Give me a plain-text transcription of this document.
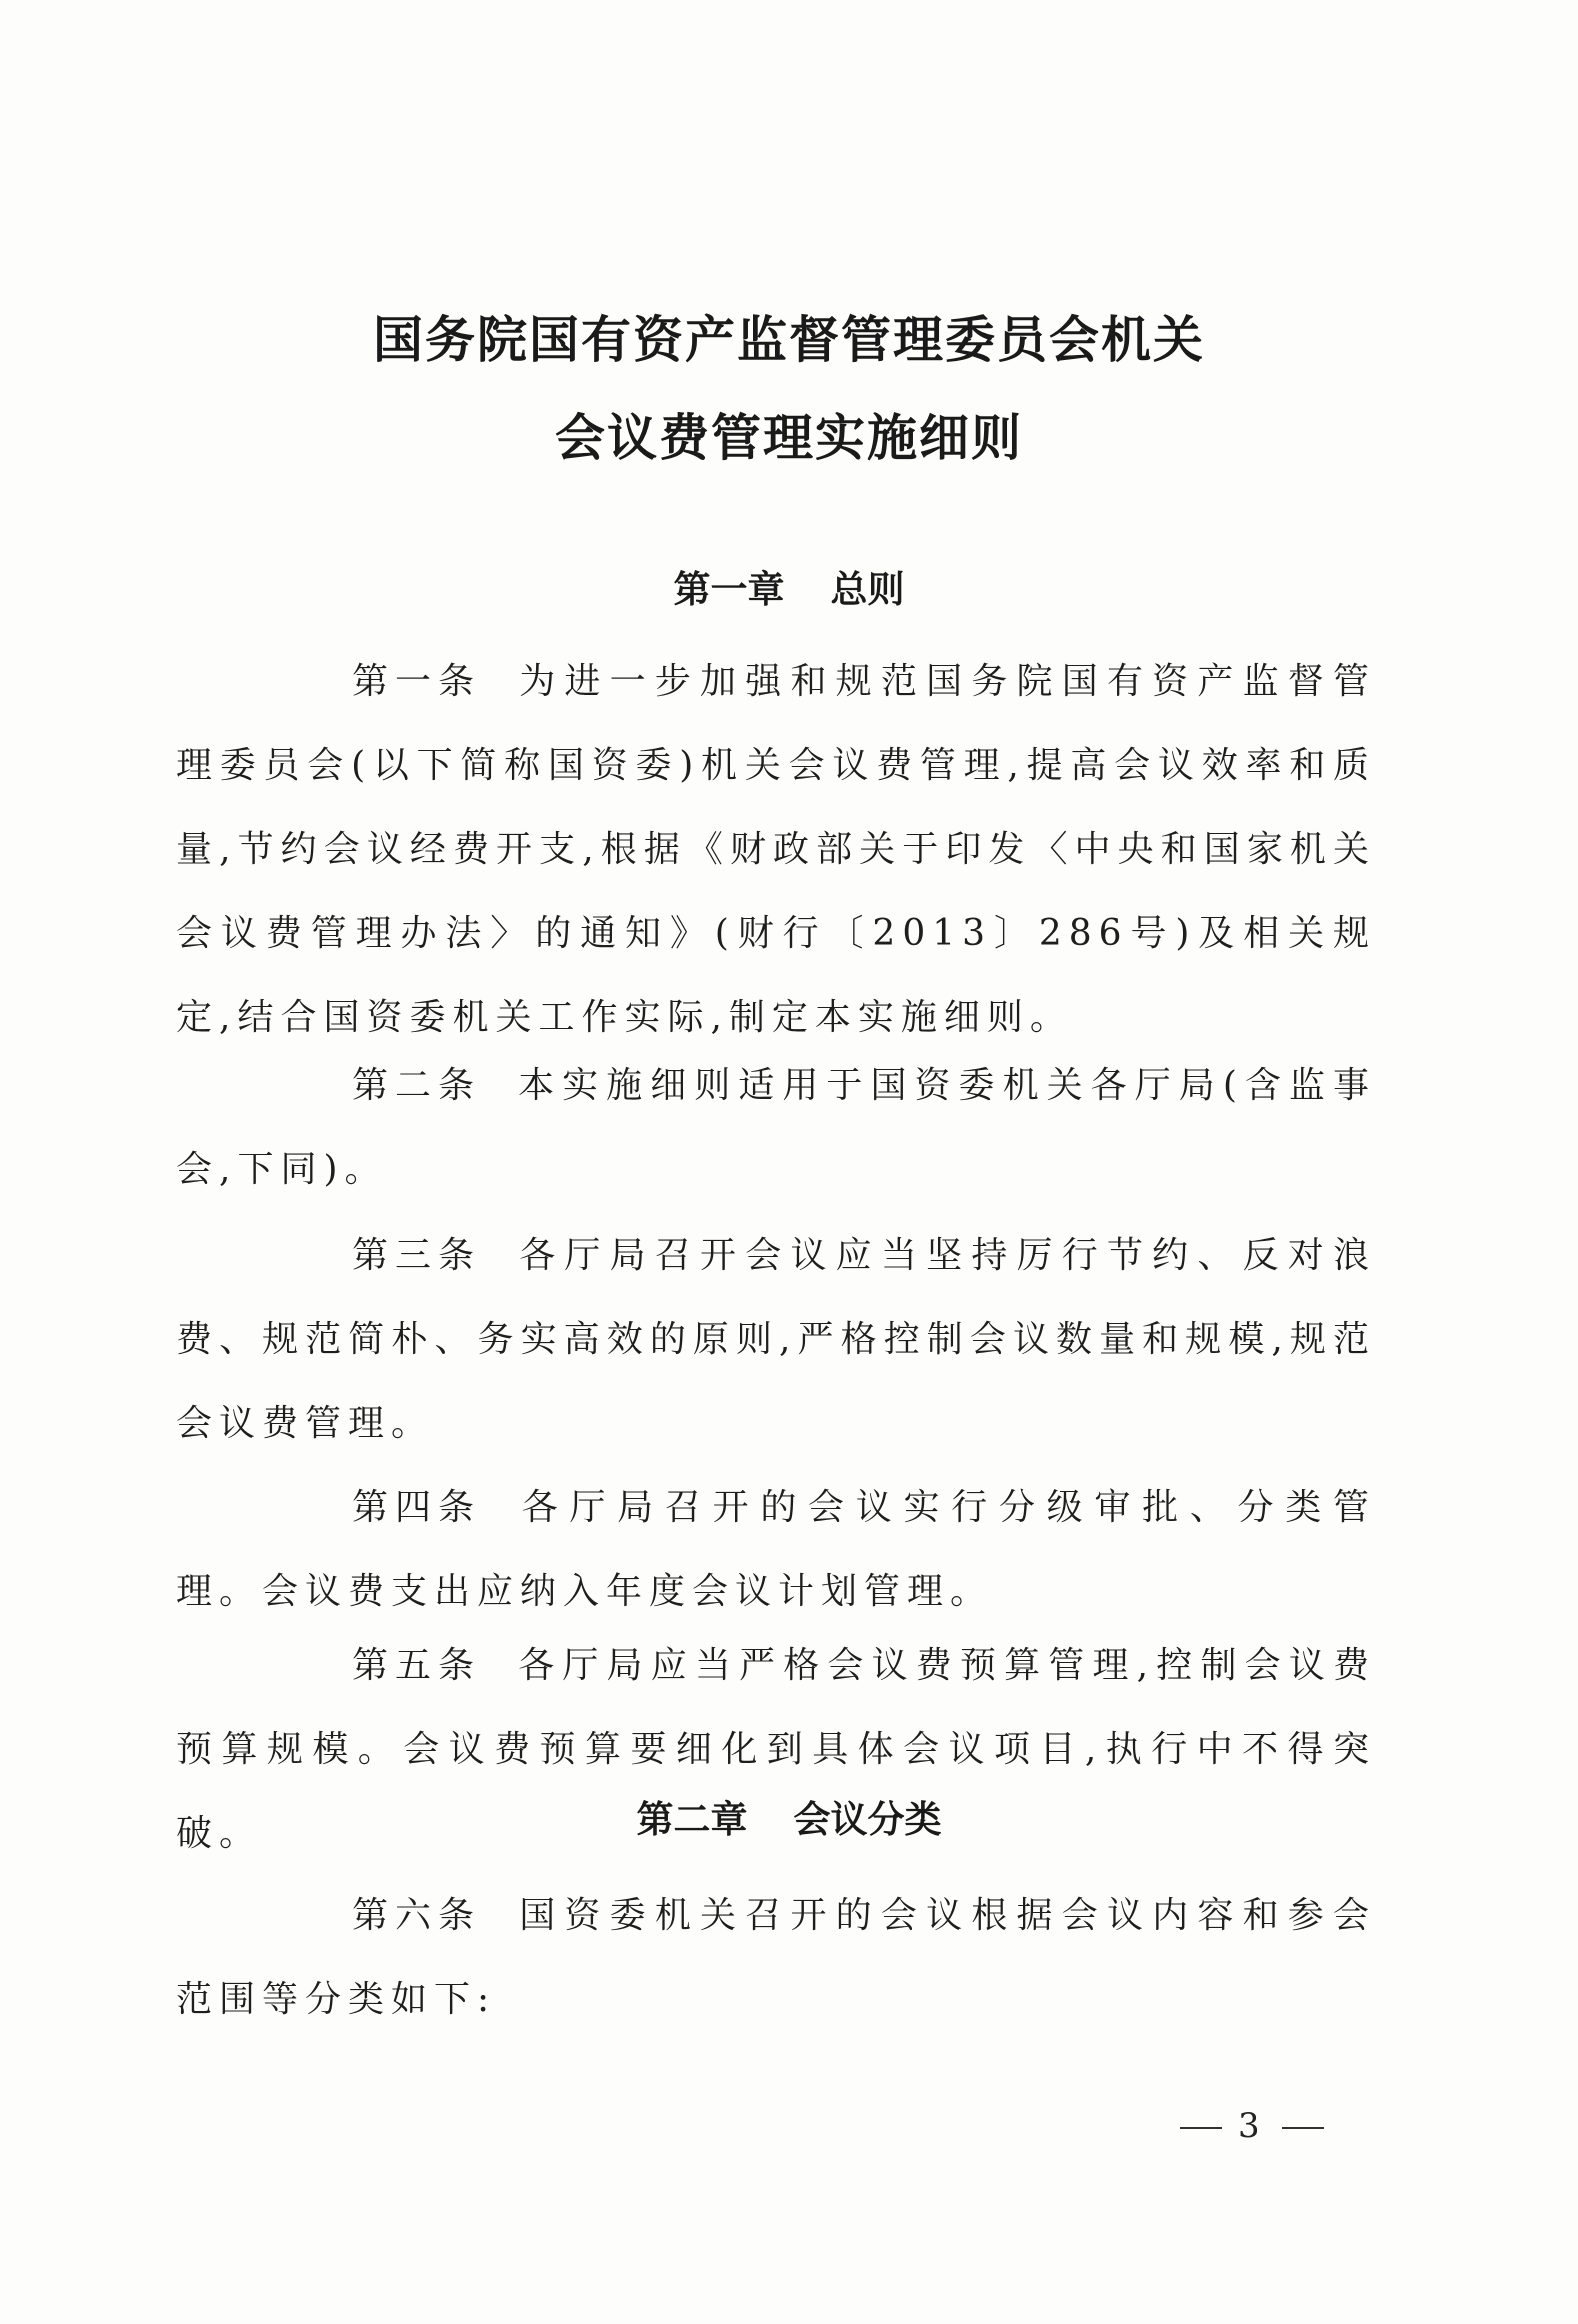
国务院国有资产监督管理委员会机关
会议费管理实施细则
第一章 总则

第一条 为进一步加强和规范国务院国有资产监督管理委员会(以下简称国资委)机关会议费管理,提高会议效率和质量,节约会议经费开支,根据《财政部关于印发〈中央和国家机关会议费管理办法〉的通知》(财行〔2013〕286号)及相关规定,结合国资委机关工作实际,制定本实施细则。

第二条 本实施细则适用于国资委机关各厅局(含监事会,下同)。

第三条 各厅局召开会议应当坚持厉行节约、反对浪费、规范简朴、务实高效的原则,严格控制会议数量和规模,规范会议费管理。

第四条 各厅局召开的会议实行分级审批、分类管理。会议费支出应纳入年度会议计划管理。

第五条 各厅局应当严格会议费预算管理,控制会议费预算规模。会议费预算要细化到具体会议项目,执行中不得突破。	第二章 会议分类

第六条 国资委机关召开的会议根据会议内容和参会范围等分类如下:

3
